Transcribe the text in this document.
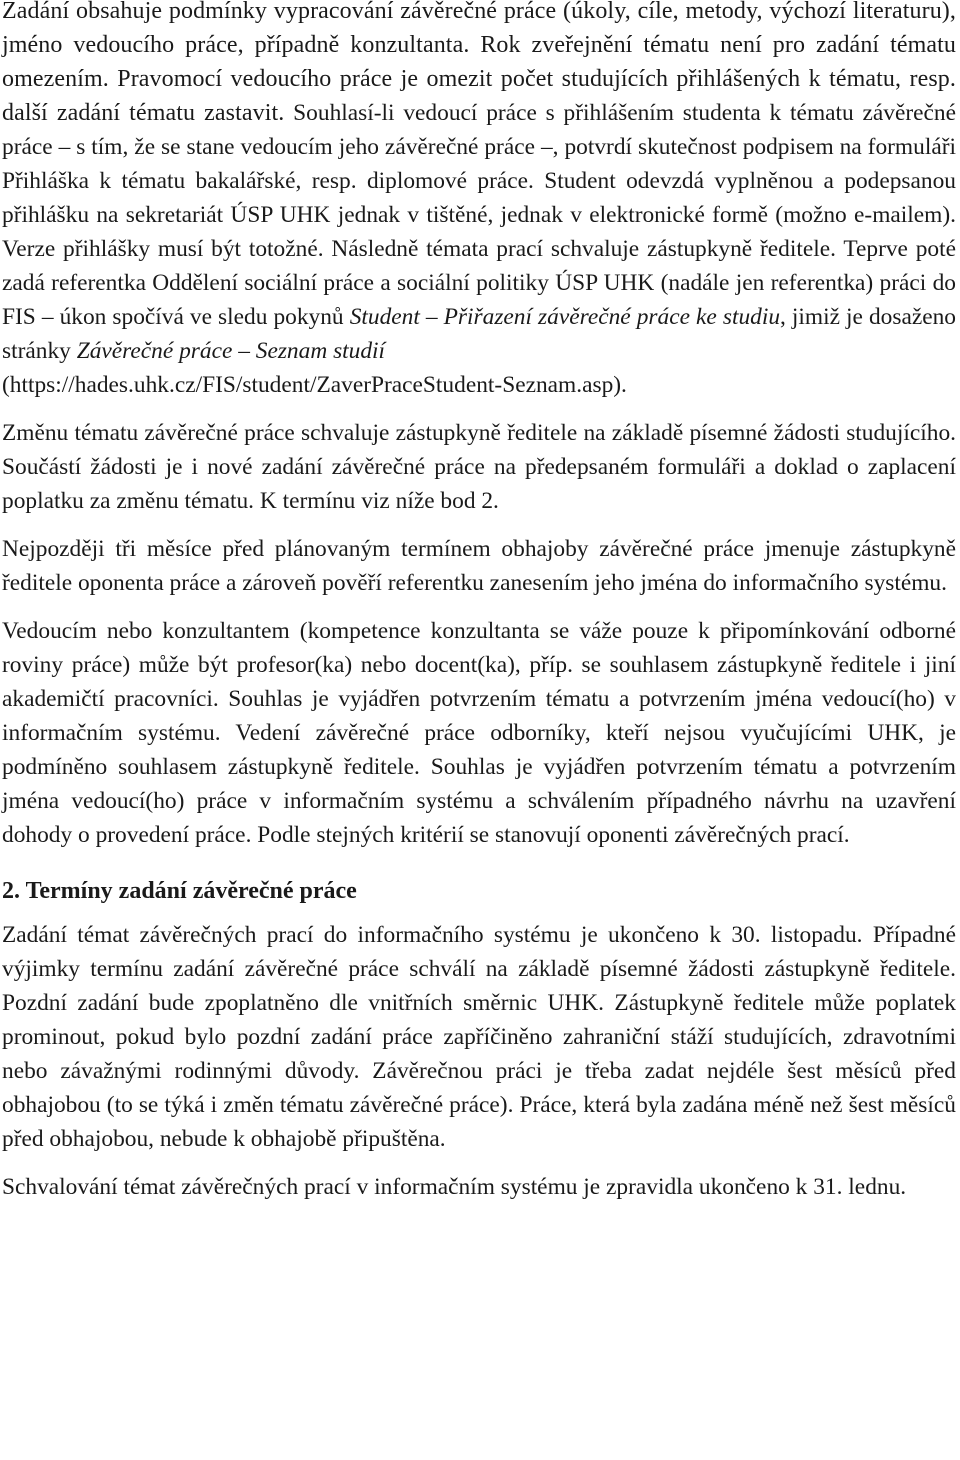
Zadání obsahuje podmínky vypracování závěrečné práce (úkoly, cíle, metody, výchozí literaturu), jméno vedoucího práce, případně konzultanta. Rok zveřejnění tématu není pro zadání tématu omezením. Pravomocí vedoucího práce je omezit počet studujících přihlášených k tématu, resp. další zadání tématu zastavit. Souhlasí-li vedoucí práce s přihlášením studenta k tématu závěrečné práce – s tím, že se stane vedoucím jeho závěrečné práce –, potvrdí skutečnost podpisem na formuláři Přihláška k tématu bakalářské, resp. diplomové práce. Student odevzdá vyplněnou a podepsanou přihlášku na sekretariát ÚSP UHK jednak v tištěné, jednak v elektronické formě (možno e-mailem). Verze přihlášky musí být totožné. Následně témata prací schvaluje zástupkyně ředitele. Teprve poté zadá referentka Oddělení sociální práce a sociální politiky ÚSP UHK (nadále jen referentka) práci do FIS – úkon spočívá ve sledu pokynů Student – Přiřazení závěrečné práce ke studiu, jimiž je dosaženo stránky Závěrečné práce – Seznam studií
(https://hades.uhk.cz/FIS/student/ZaverPraceStudent-Seznam.asp).

Změnu tématu závěrečné práce schvaluje zástupkyně ředitele na základě písemné žádosti studujícího. Součástí žádosti je i nové zadání závěrečné práce na předepsaném formuláři a doklad o zaplacení poplatku za změnu tématu. K termínu viz níže bod 2.

Nejpozději tři měsíce před plánovaným termínem obhajoby závěrečné práce jmenuje zástupkyně ředitele oponenta práce a zároveň pověří referentku zanesením jeho jména do informačního systému.

Vedoucím nebo konzultantem (kompetence konzultanta se váže pouze k připomínkování odborné roviny práce) může být profesor(ka) nebo docent(ka), příp. se souhlasem zástupkyně ředitele i jiní akademičtí pracovníci. Souhlas je vyjádřen potvrzením tématu a potvrzením jména vedoucí(ho) v informačním systému. Vedení závěrečné práce odborníky, kteří nejsou vyučujícími UHK, je podmíněno souhlasem zástupkyně ředitele. Souhlas je vyjádřen potvrzením tématu a potvrzením jména vedoucí(ho) práce v informačním systému a schválením případného návrhu na uzavření dohody o provedení práce. Podle stejných kritérií se stanovují oponenti závěrečných prací.

2. Termíny zadání závěrečné práce

Zadání témat závěrečných prací do informačního systému je ukončeno k 30. listopadu. Případné výjimky termínu zadání závěrečné práce schválí na základě písemné žádosti zástupkyně ředitele. Pozdní zadání bude zpoplatněno dle vnitřních směrnic UHK. Zástupkyně ředitele může poplatek prominout, pokud bylo pozdní zadání práce zapříčiněno zahraniční stáží studujících, zdravotními nebo závažnými rodinnými důvody. Závěrečnou práci je třeba zadat nejdéle šest měsíců před obhajobou (to se týká i změn tématu závěrečné práce). Práce, která byla zadána méně než šest měsíců před obhajobou, nebude k obhajobě připuštěna.

Schvalování témat závěrečných prací v informačním systému je zpravidla ukončeno k 31. lednu.
